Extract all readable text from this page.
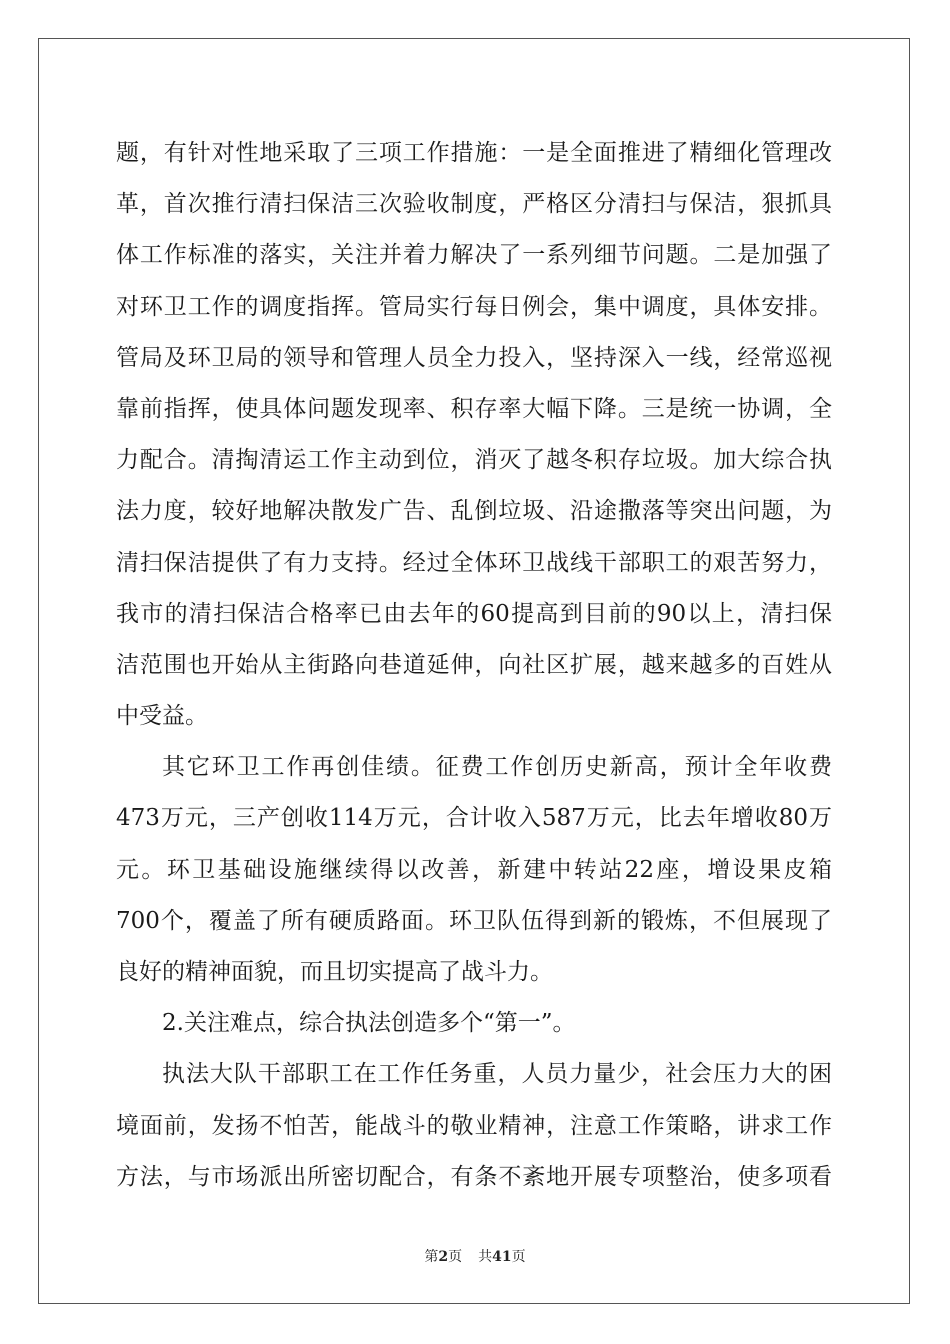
题，有针对性地采取了三项工作措施：一是全面推进了精细化管理改
革，首次推行清扫保洁三次验收制度，严格区分清扫与保洁，狠抓具
体工作标准的落实，关注并着力解决了一系列细节问题。二是加强了
对环卫工作的调度指挥。管局实行每日例会，集中调度，具体安排。
管局及环卫局的领导和管理人员全力投入，坚持深入一线，经常巡视
靠前指挥，使具体问题发现率、积存率大幅下降。三是统一协调，全
力配合。清掏清运工作主动到位，消灭了越冬积存垃圾。加大综合执
法力度，较好地解决散发广告、乱倒垃圾、沿途撒落等突出问题，为
清扫保洁提供了有力支持。经过全体环卫战线干部职工的艰苦努力，
我市的清扫保洁合格率已由去年的60提高到目前的90以上，清扫保
洁范围也开始从主街路向巷道延伸，向社区扩展，越来越多的百姓从
中受益。
其它环卫工作再创佳绩。征费工作创历史新高，预计全年收费
473万元，三产创收114万元，合计收入587万元，比去年增收80万
元。环卫基础设施继续得以改善，新建中转站22座，增设果皮箱
700个，覆盖了所有硬质路面。环卫队伍得到新的锻炼，不但展现了
良好的精神面貌，而且切实提高了战斗力。
2.关注难点，综合执法创造多个“第一”。
执法大队干部职工在工作任务重，人员力量少，社会压力大的困
境面前，发扬不怕苦，能战斗的敬业精神，注意工作策略，讲求工作
方法，与市场派出所密切配合，有条不紊地开展专项整治，使多项看
第2页 共41页
